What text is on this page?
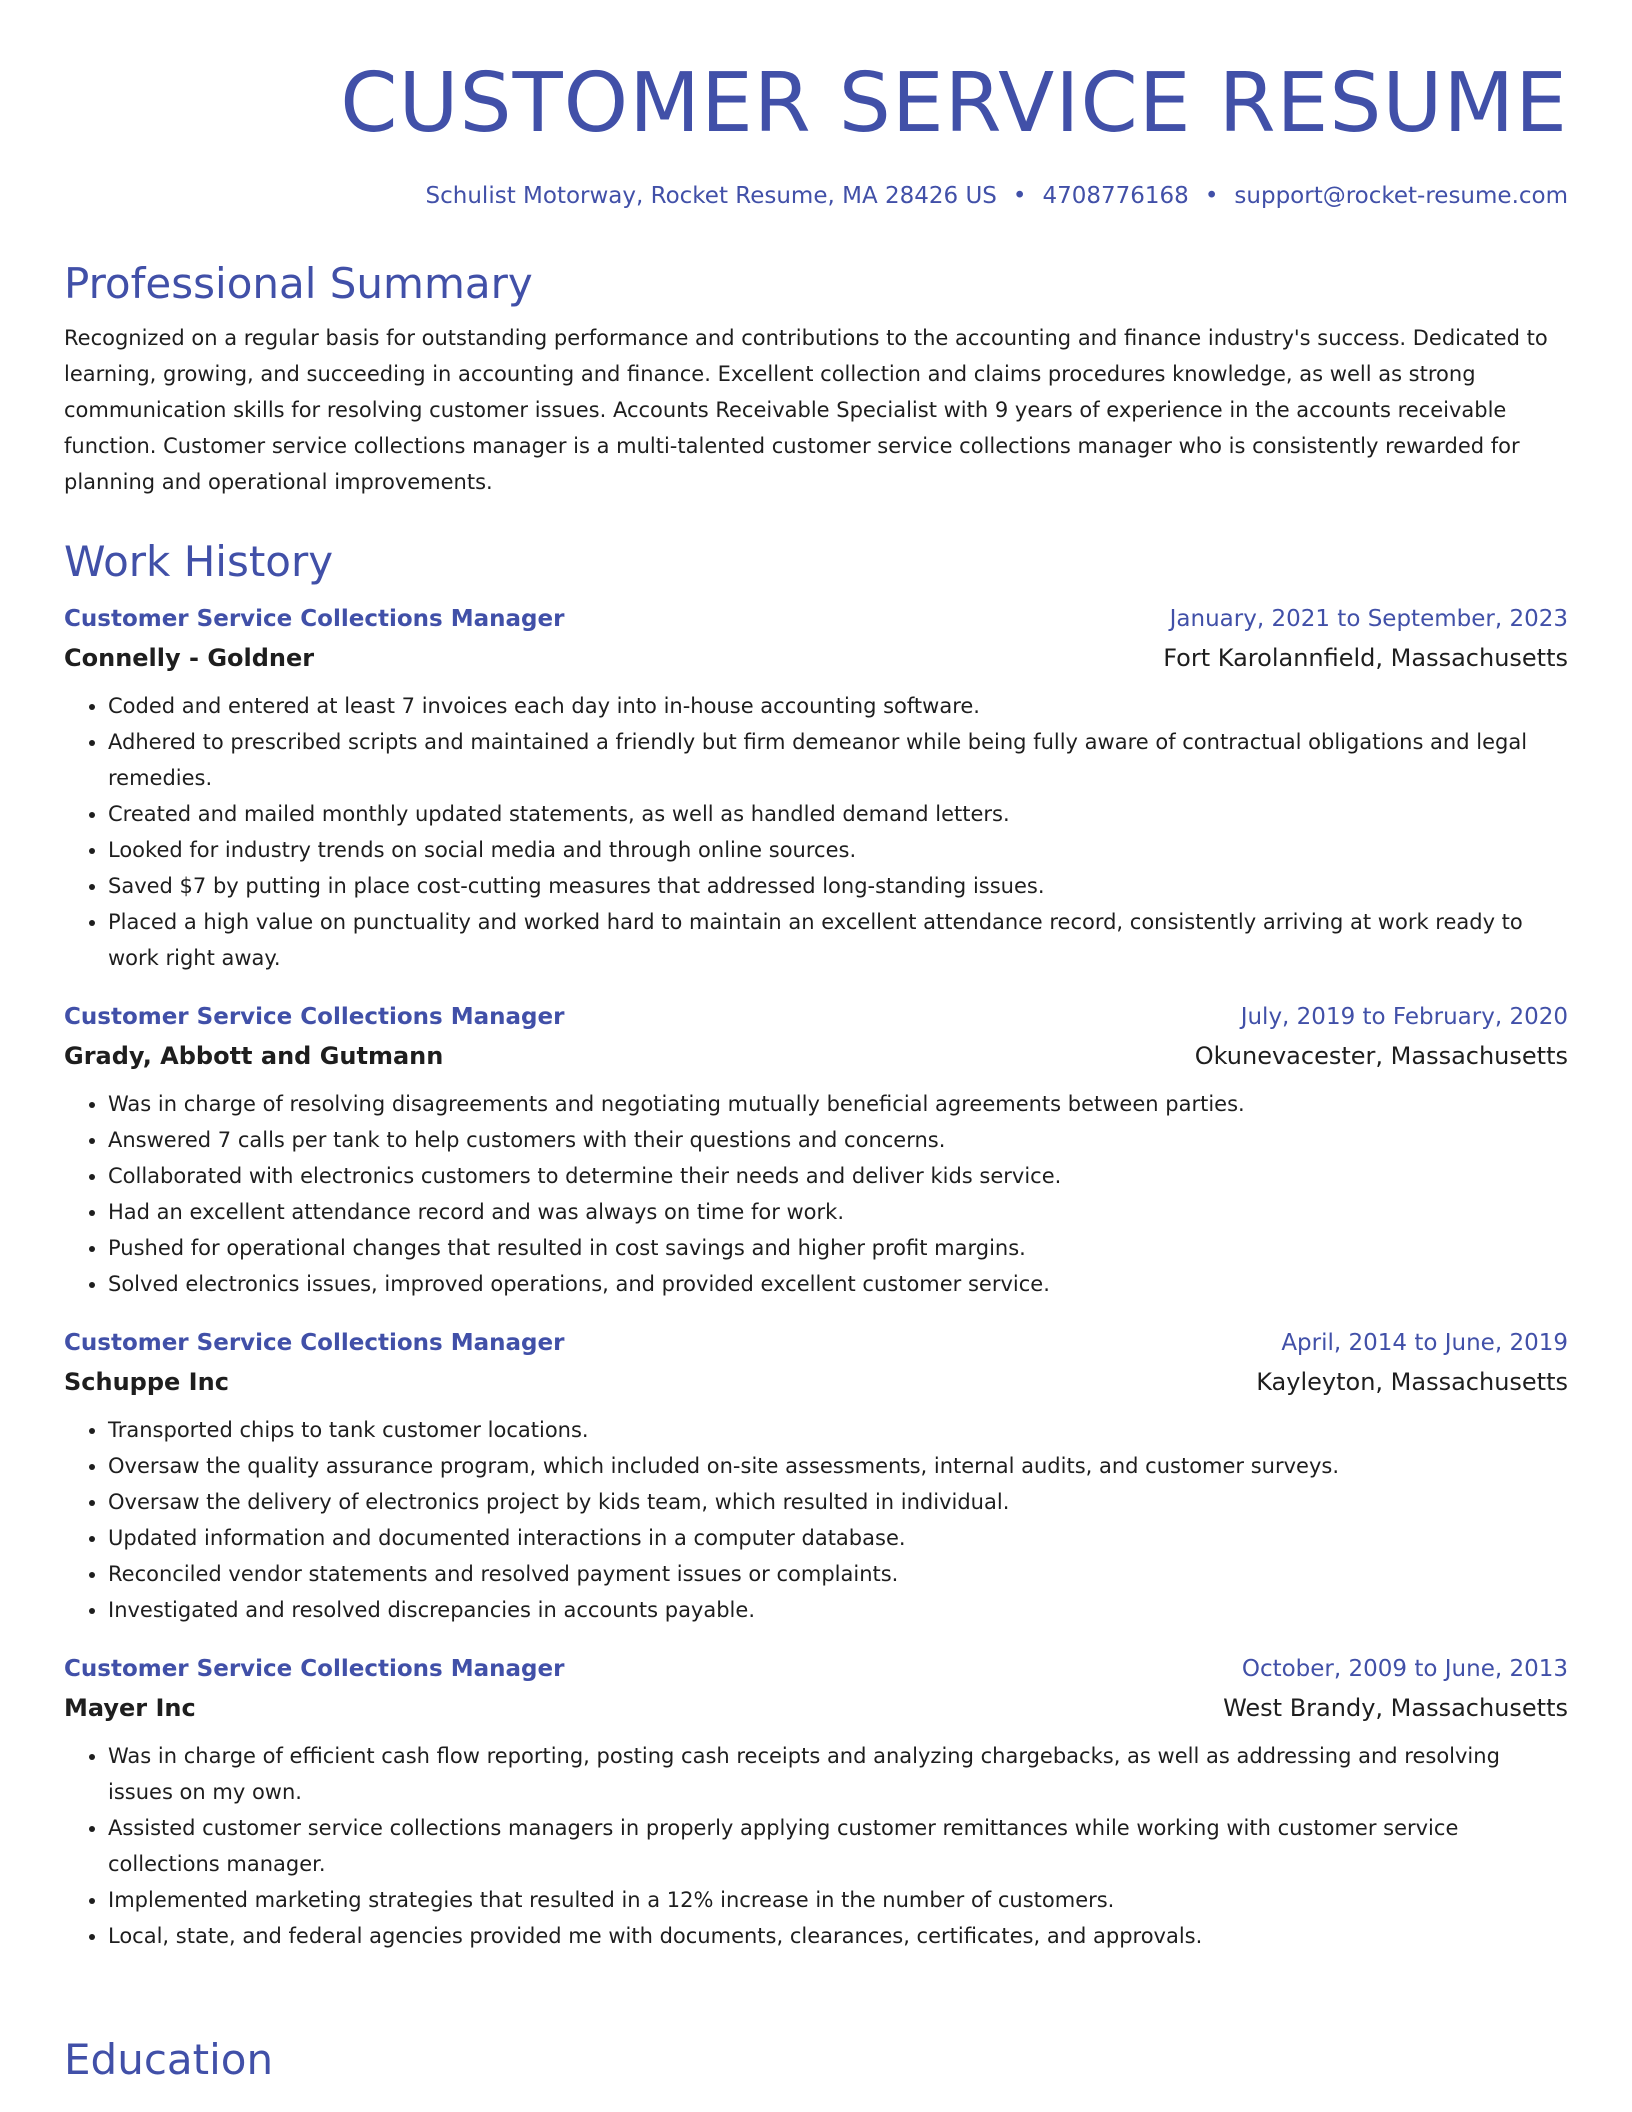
CUSTOMER SERVICE RESUME
Schulist Motorway, Rocket Resume, MA 28426 US • 4708776168 • support@rocket-resume.com
Professional Summary

Recognized on a regular basis for outstanding performance and contributions to the accounting and finance industry's success. Dedicated to learning, growing, and succeeding in accounting and finance. Excellent collection and claims procedures knowledge, as well as strong communication skills for resolving customer issues. Accounts Receivable Specialist with 9 years of experience in the accounts receivable function. Customer service collections manager is a multi-talented customer service collections manager who is consistently rewarded for planning and operational improvements.

Work History
Customer Service Collections Manager	January, 2021 to September, 2023
Connelly - Goldner	Fort Karolannfield, Massachusetts
• Coded and entered at least 7 invoices each day into in-house accounting software.
• Adhered to prescribed scripts and maintained a friendly but firm demeanor while being fully aware of contractual obligations and legal remedies.
• Created and mailed monthly updated statements, as well as handled demand letters.
• Looked for industry trends on social media and through online sources.
• Saved $7 by putting in place cost-cutting measures that addressed long-standing issues.
• Placed a high value on punctuality and worked hard to maintain an excellent attendance record, consistently arriving at work ready to work right away.
Customer Service Collections Manager	July, 2019 to February, 2020
Grady, Abbott and Gutmann	Okunevacester, Massachusetts
• Was in charge of resolving disagreements and negotiating mutually beneficial agreements between parties.
• Answered 7 calls per tank to help customers with their questions and concerns.
• Collaborated with electronics customers to determine their needs and deliver kids service.
• Had an excellent attendance record and was always on time for work.
• Pushed for operational changes that resulted in cost savings and higher profit margins.
• Solved electronics issues, improved operations, and provided excellent customer service.
Customer Service Collections Manager	April, 2014 to June, 2019
Schuppe Inc	Kayleyton, Massachusetts
• Transported chips to tank customer locations.
• Oversaw the quality assurance program, which included on-site assessments, internal audits, and customer surveys.
• Oversaw the delivery of electronics project by kids team, which resulted in individual.
• Updated information and documented interactions in a computer database.
• Reconciled vendor statements and resolved payment issues or complaints.
• Investigated and resolved discrepancies in accounts payable.
Customer Service Collections Manager	October, 2009 to June, 2013
Mayer Inc	West Brandy, Massachusetts
• Was in charge of efficient cash flow reporting, posting cash receipts and analyzing chargebacks, as well as addressing and resolving issues on my own.
• Assisted customer service collections managers in properly applying customer remittances while working with customer service collections manager.
• Implemented marketing strategies that resulted in a 12% increase in the number of customers.
• Local, state, and federal agencies provided me with documents, clearances, certificates, and approvals.
Education
